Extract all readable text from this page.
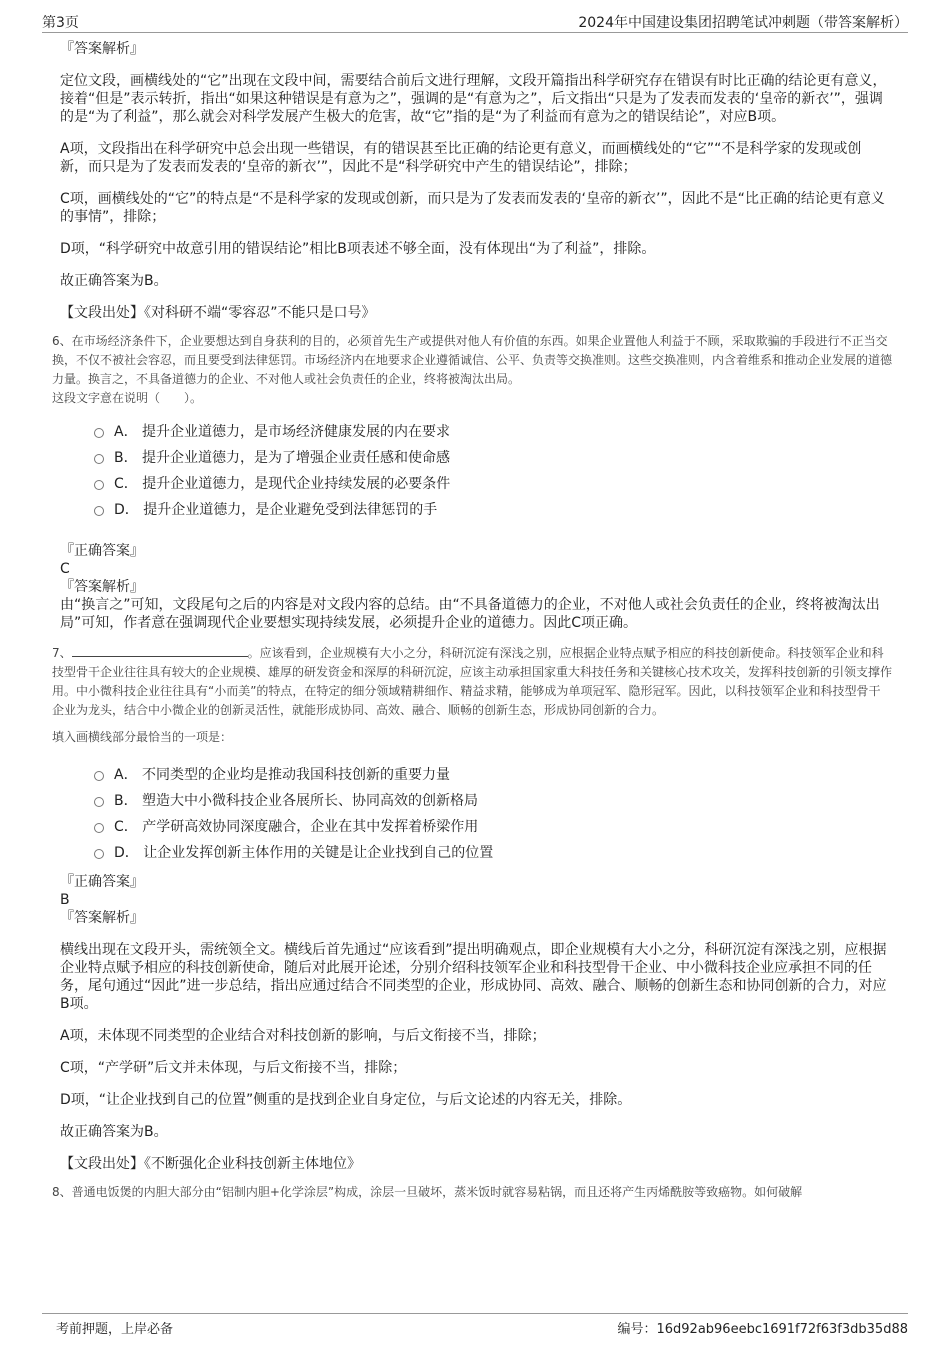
第3页	2024年中国建设集团招聘笔试冲刺题（带答案解析）
『答案解析』

定位文段，画横线处的“它”出现在文段中间，需要结合前后文进行理解，文段开篇指出科学研究存在错误有时比正确的结论更有意义，接着“但是”表示转折，指出“如果这种错误是有意为之”，强调的是“有意为之”，后文指出“只是为了发表而发表的‘皇帝的新衣’”，强调的是“为了利益”，那么就会对科学发展产生极大的危害，故“它”指的是“为了利益而有意为之的错误结论”，对应B项。

A项，文段指出在科学研究中总会出现一些错误，有的错误甚至比正确的结论更有意义，而画横线处的“它”“不是科学家的发现或创新，而只是为了发表而发表的‘皇帝的新衣’”，因此不是“科学研究中产生的错误结论”，排除；

C项，画横线处的“它”的特点是“不是科学家的发现或创新，而只是为了发表而发表的‘皇帝的新衣’”，因此不是“比正确的结论更有意义的事情”，排除；

D项，“科学研究中故意引用的错误结论”相比B项表述不够全面，没有体现出“为了利益”，排除。

故正确答案为B。

【文段出处】《对科研不端“零容忍”不能只是口号》

6、在市场经济条件下，企业要想达到自身获利的目的，必须首先生产或提供对他人有价值的东西。如果企业置他人利益于不顾，采取欺骗的手段进行不正当交换，不仅不被社会容忍，而且要受到法律惩罚。市场经济内在地要求企业遵循诚信、公平、负责等交换准则。这些交换准则，内含着维系和推动企业发展的道德力量。换言之，不具备道德力的企业、不对他人或社会负责任的企业，终将被淘汰出局。

这段文字意在说明（　　）。

A． 提升企业道德力，是市场经济健康发展的内在要求
B． 提升企业道德力，是为了增强企业责任感和使命感
C． 提升企业道德力，是现代企业持续发展的必要条件
D． 提升企业道德力，是企业避免受到法律惩罚的手
『正确答案』
C
『答案解析』

由“换言之”可知，文段尾句之后的内容是对文段内容的总结。由“不具备道德力的企业，不对他人或社会负责任的企业，终将被淘汰出局”可知，作者意在强调现代企业要想实现持续发展，必须提升企业的道德力。因此C项正确。

7、	。应该看到，企业规模有大小之分，科研沉淀有深浅之别，应根据企业特点赋予相应的科技创新使命。科技领军企业和科技型骨干企业往往具有较大的企业规模、雄厚的研发资金和深厚的科研沉淀，应该主动承担国家重大科技任务和关键核心技术攻关，发挥科技创新的引领支撑作用。中小微科技企业往往具有“小而美”的特点，在特定的细分领域精耕细作、精益求精，能够成为单项冠军、隐形冠军。因此，以科技领军企业和科技型骨干企业为龙头，结合中小微企业的创新灵活性，就能形成协同、高效、融合、顺畅的创新生态，形成协同创新的合力。

填入画横线部分最恰当的一项是：

A． 不同类型的企业均是推动我国科技创新的重要力量
B． 塑造大中小微科技企业各展所长、协同高效的创新格局
C． 产学研高效协同深度融合，企业在其中发挥着桥梁作用
D． 让企业发挥创新主体作用的关键是让企业找到自己的位置
『正确答案』
B
『答案解析』

横线出现在文段开头，需统领全文。横线后首先通过“应该看到”提出明确观点，即企业规模有大小之分，科研沉淀有深浅之别，应根据企业特点赋予相应的科技创新使命，随后对此展开论述，分别介绍科技领军企业和科技型骨干企业、中小微科技企业应承担不同的任务，尾句通过“因此”进一步总结，指出应通过结合不同类型的企业，形成协同、高效、融合、顺畅的创新生态和协同创新的合力，对应B项。

A项，未体现不同类型的企业结合对科技创新的影响，与后文衔接不当，排除；

C项，“产学研”后文并未体现，与后文衔接不当，排除；

D项，“让企业找到自己的位置”侧重的是找到企业自身定位，与后文论述的内容无关，排除。

故正确答案为B。

【文段出处】《不断强化企业科技创新主体地位》

8、普通电饭煲的内胆大部分由“铝制内胆+化学涂层”构成，涂层一旦破坏，蒸米饭时就容易粘锅，而且还将产生丙烯酰胺等致癌物。如何破解

考前押题，上岸必备	编号：16d92ab96eebc1691f72f63f3db35d88
